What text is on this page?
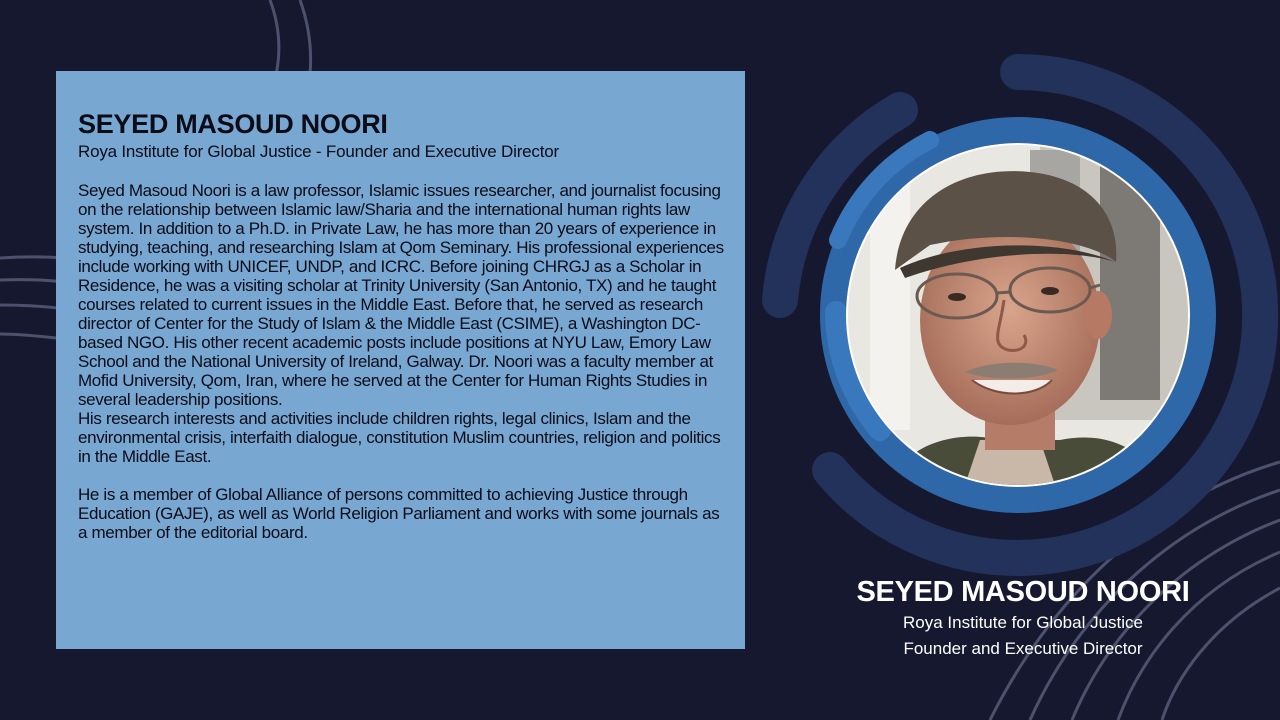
SEYED MASOUD NOORI
Roya Institute for Global Justice - Founder and Executive Director

Seyed Masoud Noori is a law professor, Islamic issues researcher, and journalist focusing on the relationship between Islamic law/Sharia and the international human rights law system. In addition to a Ph.D. in Private Law, he has more than 20 years of experience in studying, teaching, and researching Islam at Qom Seminary. His professional experiences include working with UNICEF, UNDP, and ICRC. Before joining CHRGJ as a Scholar in Residence, he was a visiting scholar at Trinity University (San Antonio, TX) and he taught courses related to current issues in the Middle East. Before that, he served as research director of Center for the Study of Islam & the Middle East (CSIME), a Washington DC-based NGO. His other recent academic posts include positions at NYU Law, Emory Law School and the National University of Ireland, Galway. Dr. Noori was a faculty member at Mofid University, Qom, Iran, where he served at the Center for Human Rights Studies in several leadership positions.

His research interests and activities include children rights, legal clinics, Islam and the environmental crisis, interfaith dialogue, constitution Muslim countries, religion and politics in the Middle East.

He is a member of Global Alliance of persons committed to achieving Justice through Education (GAJE), as well as World Religion Parliament and works with some journals as a member of the editorial board.

SEYED MASOUD NOORI
Roya Institute for Global Justice
Founder and Executive Director
